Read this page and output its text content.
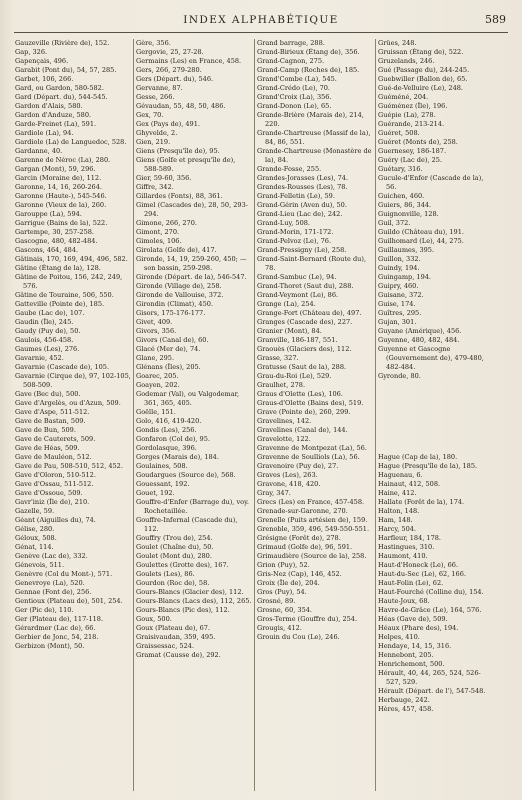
INDEX ALPHABÉTIQUE	589
Gauzeville (Rivière de), 152.
Gap, 326.
Gapençais, 496.
Garabit (Pont du), 54, 57, 285.
Garbet, 106, 266.
Gard, ou Gardon, 580-582.
Gard (Départ. du), 544-545.
Gardon d'Alais, 580.
Gardon d'Anduze, 580.
Garde-Freinet (La), 591.
Gardiole (La), 94.
Gardiole (La) de Languedoc, 528.
Gardanne, 40.
Garenne de Néroc (La), 280.
Gargan (Mont), 59, 296.
Garcin (Moraine de), 112.
Garonne, 14, 16, 260-264.
Garonne (Haute-), 545-546.
Garonne (Vieux de la), 260.
Garouppe (La), 594.
Garrigue (Bains de la), 522.
Gartempe, 30, 257-258.
Gascogne, 480, 482-484.
Gascons, 464, 484.
Gâtinais, 170, 169, 494, 496, 582.
Gâtine (Étang de la), 128.
Gâtine de Poitou, 156, 242, 249, 576.
Gâtine de Touraine, 506, 550.
Gatteville (Pointe de), 185.
Gaube (Lac de), 107.
Gaudin (Île), 245.
Gaudy (Puy de), 50.
Gaulois, 456-458.
Gaumes (Les), 276.
Gavarnie, 452.
Gavarnie (Cascade de), 105.
Gavarnie (Cirque de), 97, 102-105, 508-509.
Gave (Bec du), 500.
Gave d'Argelès, ou d'Azun, 509.
Gave d'Aspe, 511-512.
Gave de Bastan, 509.
Gave de Bun, 509.
Gave de Cauterets, 509.
Gave de Héas, 509.
Gave de Mauléon, 512.
Gave de Pau, 508-510, 512, 452.
Gave d'Oloron, 510-512.
Gave d'Ossau, 511-512.
Gave d'Ossoue, 509.
Gavr'iniz (Île de), 210.
Gazelle, 59.
Géant (Aiguilles du), 74.
Gélise, 280.
Géloux, 508.
Génat, 114.
Genève (Lac de), 332.
Génevois, 511.
Genèvre (Col du Mont-), 571.
Genevroye (La), 520.
Gennae (Font de), 256.
Gentioux (Plateau de), 501, 254.
Ger (Pic de), 110.
Ger (Plateau de), 117-118.
Gérardmer (Lac de), 66.
Gerbier de Jonc, 54, 218.
Gerbizon (Mont), 50.
Gère, 356.
Gergovie, 25, 27-28.
Germains (Les) en France, 458.
Gers, 266, 279-280.
Gers (Départ. du), 546.
Gervanne, 87.
Gesse, 266.
Gévaudan, 55, 48, 50, 486.
Gex, 70.
Gex (Pays de), 491.
Ghyvelde, 2.
Gien, 219.
Giens (Presqu'île de), 95.
Giens (Golfe et presqu'île de), 588-589.
Gier, 59-60, 356.
Giffre, 342.
Gillardes (Fonts), 88, 361.
Gimel (Cascades de), 28, 50, 293-294.
Gimone, 266, 270.
Gimont, 270.
Gimoles, 106.
Girolata (Golfe de), 417.
Gironde, 14, 19, 259-260, 450; — son bassin, 259-298.
Gironde (Départ. de la), 546-547.
Gironde (Village de), 258.
Gironde de Vallouise, 372.
Girondin (Climat), 450.
Gisors, 175-176-177.
Givet, 409.
Givors, 356.
Givors (Canal de), 60.
Glacé (Mer de), 74.
Glane, 295.
Glénans (Îles), 205.
Goarec, 205.
Goayen, 202.
Godemar (Val), ou Valgodemar, 361, 365, 405.
Goëlle, 151.
Golo, 416, 419-420.
Gondis (Les), 256.
Gonfaron (Col de), 95.
Gordolasque, 396.
Gorges (Marais de), 184.
Goulaines, 508.
Goudargues (Source de), 568.
Gouessant, 192.
Gouet, 192.
Gouffre-d'Enfer (Barrage du), voy. Rochetaillée.
Gouffre-Infernal (Cascade du), 112.
Gouffry (Trou de), 254.
Goulet (Chaîne du), 50.
Goulet (Mont du), 280.
Goulettes (Grotte des), 167.
Goulets (Les), 86.
Gourdon (Roc de), 58.
Gours-Blancs (Glacier des), 112.
Gours-Blancs (Lacs des), 112, 265.
Gours-Blancs (Pic des), 112.
Goux, 500.
Goux (Plateau de), 67.
Graisivaudan, 359, 495.
Graissessac, 524.
Gramat (Causse de), 292.
Grand barrage, 288.
Grand-Birieux (Étang de), 356.
Grand-Cagnon, 275.
Grand-Camp (Roches de), 185.
Grand'Combe (La), 545.
Grand-Crédo (Le), 70.
Grand'Croix (La), 356.
Grand-Donon (Le), 65.
Grande-Brière (Marais de), 214, 220.
Grande-Chartreuse (Massif de la), 84, 86, 551.
Grande-Chartreuse (Monastère de la), 84.
Grande-Fosse, 255.
Grandes-Jorasses (Les), 74.
Grandes-Rousses (Les), 78.
Grand-Felletin (Le), 59.
Grand-Gérin (Aven du), 50.
Grand-Lieu (Lac de), 242.
Grand-Luy, 508.
Grand-Morin, 171-172.
Grand-Pelvoz (Le), 76.
Grand-Pressigny (Le), 258.
Grand-Saint-Bernard (Route du), 78.
Grand-Sambuc (Le), 94.
Grand-Thoret (Saut du), 288.
Grand-Veymont (Le), 86.
Grange (La), 254.
Grange-Fort (Château de), 497.
Granges (Cascade des), 227.
Granier (Mont), 84.
Granville, 186-187, 551.
Graouès (Glaciers des), 112.
Grasse, 327.
Gratusse (Saut de la), 288.
Grau-du-Roi (Le), 529.
Graulhet, 278.
Graus d'Olette (Les), 106.
Graus-d'Olette (Bains des), 519.
Grave (Pointe de), 260, 299.
Gravelines, 142.
Gravelines (Canal de), 144.
Gravelotte, 122.
Gravenne de Montpezat (La), 56.
Gravenne de Soulliols (La), 56.
Gravenoire (Puy de), 27.
Graves (Les), 263.
Gravone, 418, 420.
Gray, 347.
Grecs (Les) en France, 457-458.
Grenade-sur-Garonne, 270.
Grenelle (Puits artésien de), 159.
Grenoble, 359, 496, 549-550-551.
Grésigne (Forêt de), 278.
Grimaud (Golfe de), 96, 591.
Grimaudière (Source de la), 258.
Grion (Puy), 52.
Gris-Nez (Cap), 146, 452.
Groix (Île de), 204.
Gros (Puy), 54.
Grosné, 89.
Grosne, 60, 354.
Gros-Terme (Gouffre du), 254.
Grougis, 412.
Grouin du Cou (Le), 246.
Grües, 248.
Gruissan (Étang de), 522.
Gruzelands, 246.
Gué (Passage du), 244-245.
Guebwiller (Ballon de), 65.
Gué-de-Velluire (Le), 248.
Guéméné, 204.
Guéménez (Île), 196.
Guépie (La), 278.
Guérande, 213-214.
Guéret, 508.
Guéret (Monts de), 258.
Guernesey, 186-187.
Guéry (Lac de), 25.
Guétary, 316.
Gucule-d'Enfer (Cascade de la), 56.
Guichen, 460.
Guiers, 86, 344.
Guignonville, 128.
Guil, 372.
Guildo (Château du), 191.
Guilhomard (Le), 44, 275.
Guillaumes, 395.
Guillon, 332.
Guindy, 194.
Guingamp, 194.
Guipry, 460.
Guisane, 372.
Guise, 174.
Guîtres, 295.
Gujan, 301.
Guyane (Amérique), 456.
Guyenne, 480, 482, 484.
Guyenne et Gascogne (Gouvernement de), 479-480, 482-484.
Gyronde, 80.
Hague (Cap de la), 180.
Hague (Presqu'île de la), 185.
Haguenau, 6.
Hainaut, 412, 508.
Haine, 412.
Hallate (Forêt de la), 174.
Halton, 148.
Ham, 148.
Harcy, 504.
Harfleur, 184, 178.
Hastingues, 310.
Haumont, 410.
Haut-d'Honeck (Le), 66.
Haut-du-Sec (Le), 62, 166.
Haut-Folin (Le), 62.
Haut-Fourché (Colline du), 154.
Haute-Joux, 68.
Havre-de-Grâce (Le), 164, 576.
Héas (Gave de), 509.
Héaux (Phare des), 194.
Helpes, 410.
Hendaye, 14, 15, 316.
Hennebont, 205.
Henrichemont, 500.
Hérault, 40, 44, 265, 524, 526-527, 529.
Hérault (Départ. de l'), 547-548.
Herbauge, 242.
Hères, 457, 458.
